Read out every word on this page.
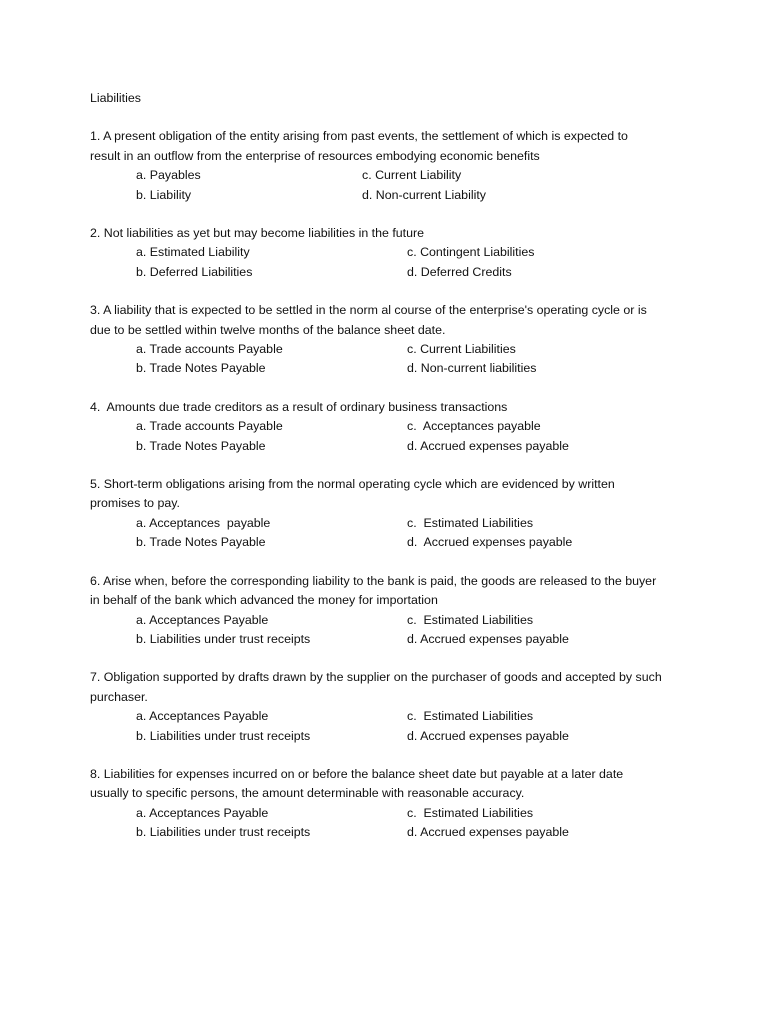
Liabilities
1. A present obligation of the entity arising from past events, the settlement of which is expected to
result in an outflow from the enterprise of resources embodying economic benefits
a. Payables	c. Current Liability
b. Liability	d. Non-current Liability
2. Not liabilities as yet but may become liabilities in the future
a. Estimated Liability	c. Contingent Liabilities
b. Deferred Liabilities	d. Deferred Credits
3. A liability that is expected to be settled in the norm al course of the enterprise's operating cycle or is
due to be settled within twelve months of the balance sheet date.
a. Trade accounts Payable	c. Current Liabilities
b. Trade Notes Payable	d. Non-current liabilities
4.  Amounts due trade creditors as a result of ordinary business transactions
a. Trade accounts Payable	c.  Acceptances payable
b. Trade Notes Payable	d. Accrued expenses payable
5. Short-term obligations arising from the normal operating cycle which are evidenced by written
promises to pay.
a. Acceptances  payable	c.  Estimated Liabilities
b. Trade Notes Payable	d.  Accrued expenses payable
6. Arise when, before the corresponding liability to the bank is paid, the goods are released to the buyer
in behalf of the bank which advanced the money for importation
a. Acceptances Payable	c.  Estimated Liabilities
b. Liabilities under trust receipts	d. Accrued expenses payable
7. Obligation supported by drafts drawn by the supplier on the purchaser of goods and accepted by such
purchaser.
a. Acceptances Payable	c.  Estimated Liabilities
b. Liabilities under trust receipts	d. Accrued expenses payable
8. Liabilities for expenses incurred on or before the balance sheet date but payable at a later date
usually to specific persons, the amount determinable with reasonable accuracy.
a. Acceptances Payable	c.  Estimated Liabilities
b. Liabilities under trust receipts	d. Accrued expenses payable
